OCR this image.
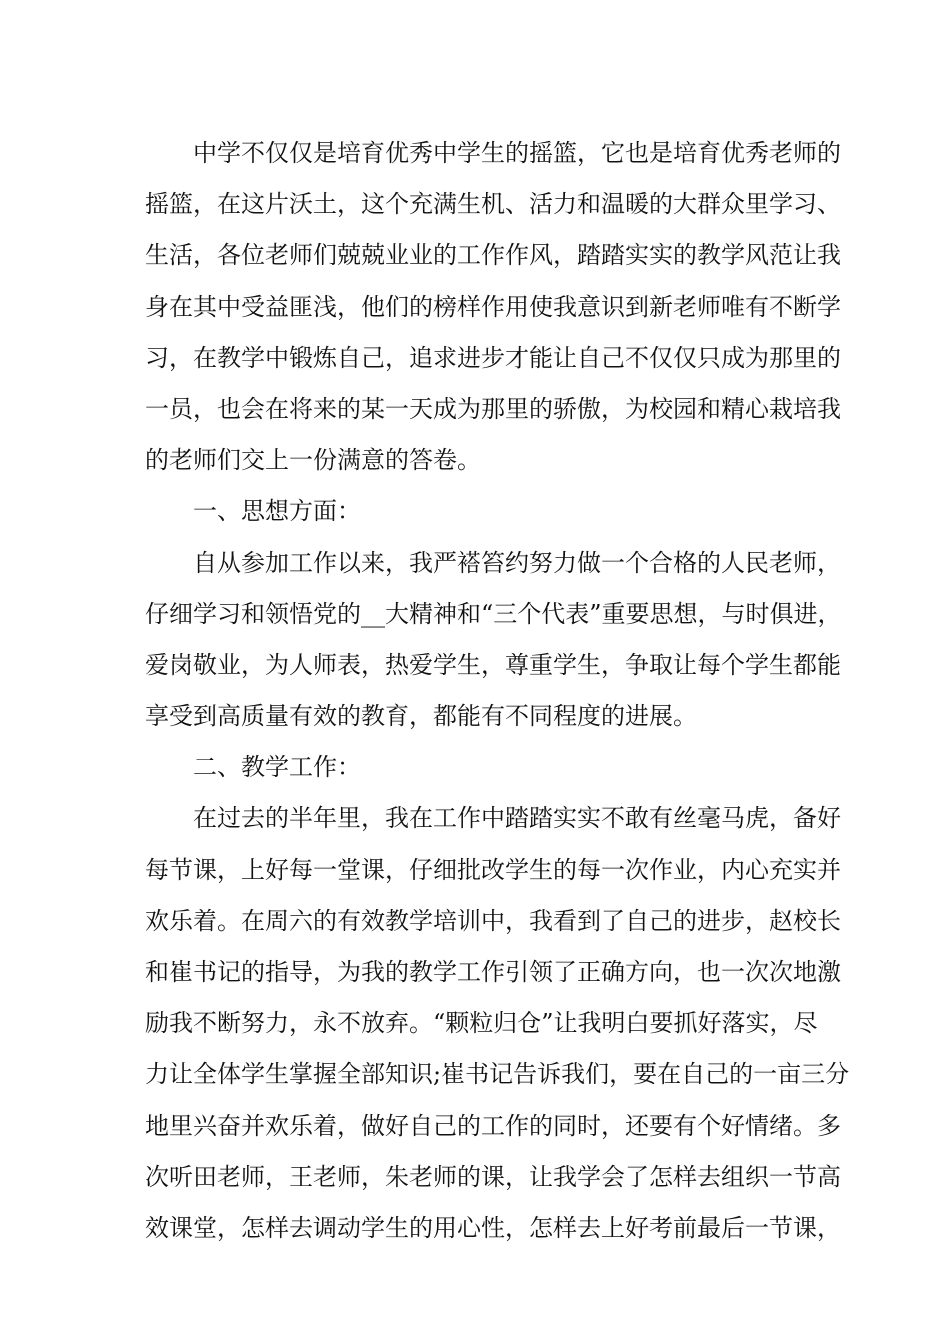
中学不仅仅是培育优秀中学生的摇篮，它也是培育优秀老师的
摇篮，在这片沃土，这个充满生机、活力和温暖的大群众里学习、
生活，各位老师们兢兢业业的工作作风，踏踏实实的教学风范让我
身在其中受益匪浅，他们的榜样作用使我意识到新老师唯有不断学
习，在教学中锻炼自己，追求进步才能让自己不仅仅只成为那里的
一员，也会在将来的某一天成为那里的骄傲，为校园和精心栽培我
的老师们交上一份满意的答卷。
一、思想方面：
自从参加工作以来，我严褡笞约努力做一个合格的人民老师，
仔细学习和领悟党的__大精神和“三个代表”重要思想，与时俱进，
爱岗敬业，为人师表，热爱学生，尊重学生，争取让每个学生都能
享受到高质量有效的教育，都能有不同程度的进展。
二、教学工作：
在过去的半年里，我在工作中踏踏实实不敢有丝毫马虎，备好
每节课，上好每一堂课，仔细批改学生的每一次作业，内心充实并
欢乐着。在周六的有效教学培训中，我看到了自己的进步，赵校长
和崔书记的指导，为我的教学工作引领了正确方向，也一次次地激
励我不断努力，永不放弃。“颗粒归仓”让我明白要抓好落实，尽
力让全体学生掌握全部知识;崔书记告诉我们，要在自己的一亩三分
地里兴奋并欢乐着，做好自己的工作的同时，还要有个好情绪。多
次听田老师，王老师，朱老师的课，让我学会了怎样去组织一节高
效课堂，怎样去调动学生的用心性，怎样去上好考前最后一节课，
